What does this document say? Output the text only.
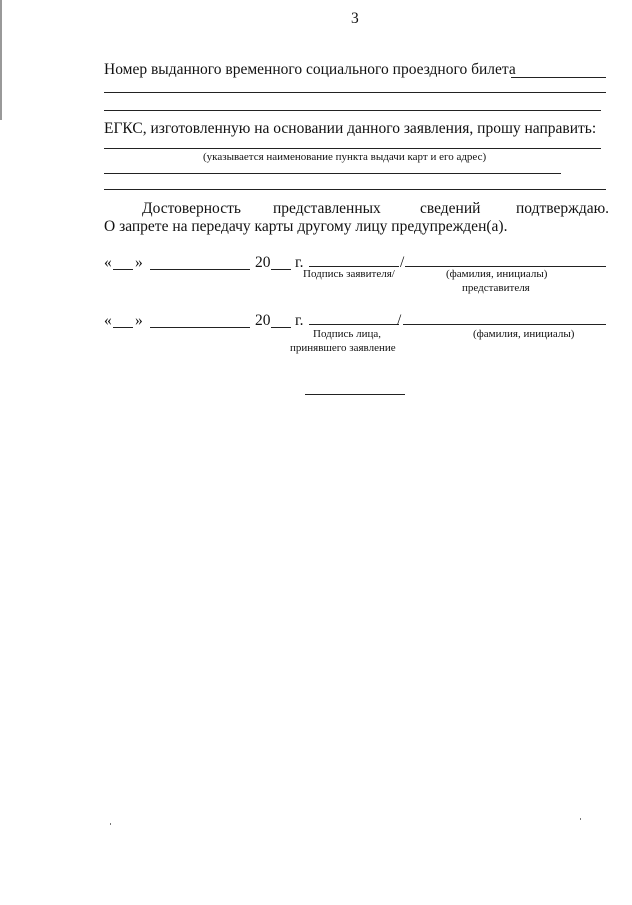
3
Номер выданного временного социального проездного билета
ЕГКС, изготовленную на основании данного заявления, прошу направить:
(указывается наименование пункта выдачи карт и его адрес)
Достоверность представленных	сведений подтверждаю.
О запрете на передачу карты другому лицу предупрежден(а).
« »	20 г.	/
Подпись заявителя/	(фамилия, инициалы)
представителя
« »	20 г.	/
Подпись лица,
принявшего заявление
(фамилия, инициалы)
